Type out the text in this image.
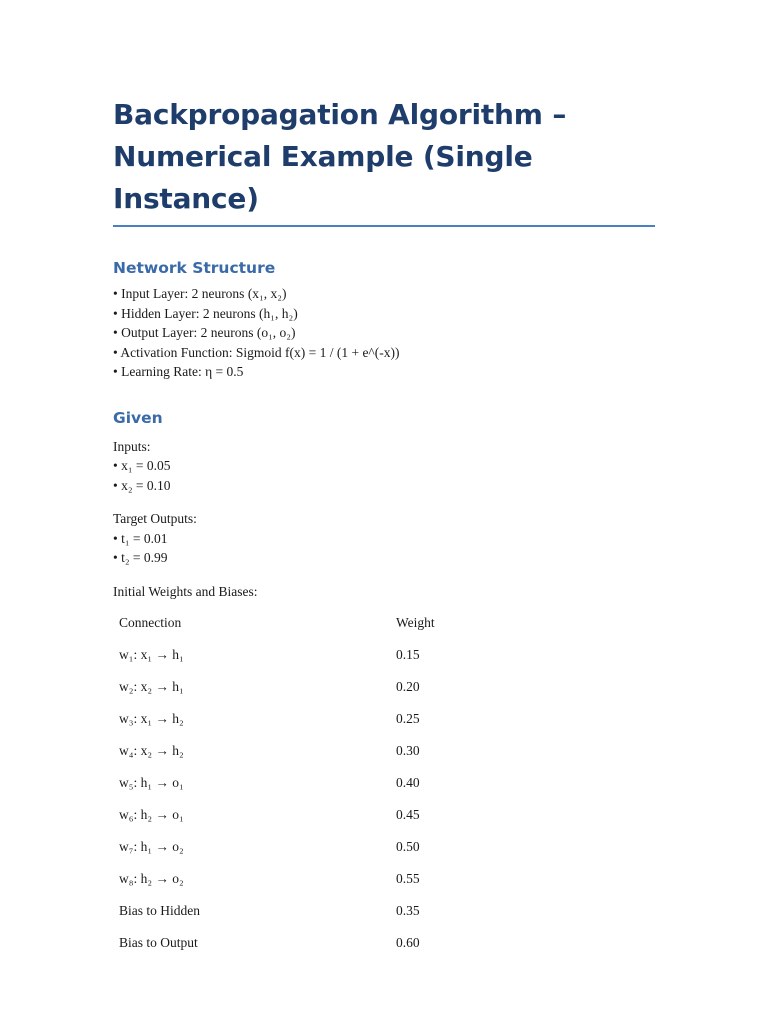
Backpropagation Algorithm –Numerical Example (Single Instance)
Network Structure
• Input Layer: 2 neurons (x₁, x₂)
• Hidden Layer: 2 neurons (h₁, h₂)
• Output Layer: 2 neurons (o₁, o₂)
• Activation Function: Sigmoid f(x) = 1 / (1 + e^(-x))
• Learning Rate: η = 0.5
Given

Inputs:

• x₁ = 0.05
• x₂ = 0.10

Target Outputs:

• t₁ = 0.01
• t₂ = 0.99

Initial Weights and Biases:

Connection	Weight
w₁: x₁ → h₁	0.15
w₂: x₂ → h₁	0.20
w₃: x₁ → h₂	0.25
w₄: x₂ → h₂	0.30
w₅: h₁ → o₁	0.40
w₆: h₂ → o₁	0.45
w₇: h₁ → o₂	0.50
w₈: h₂ → o₂	0.55
Bias to Hidden	0.35
Bias to Output	0.60
